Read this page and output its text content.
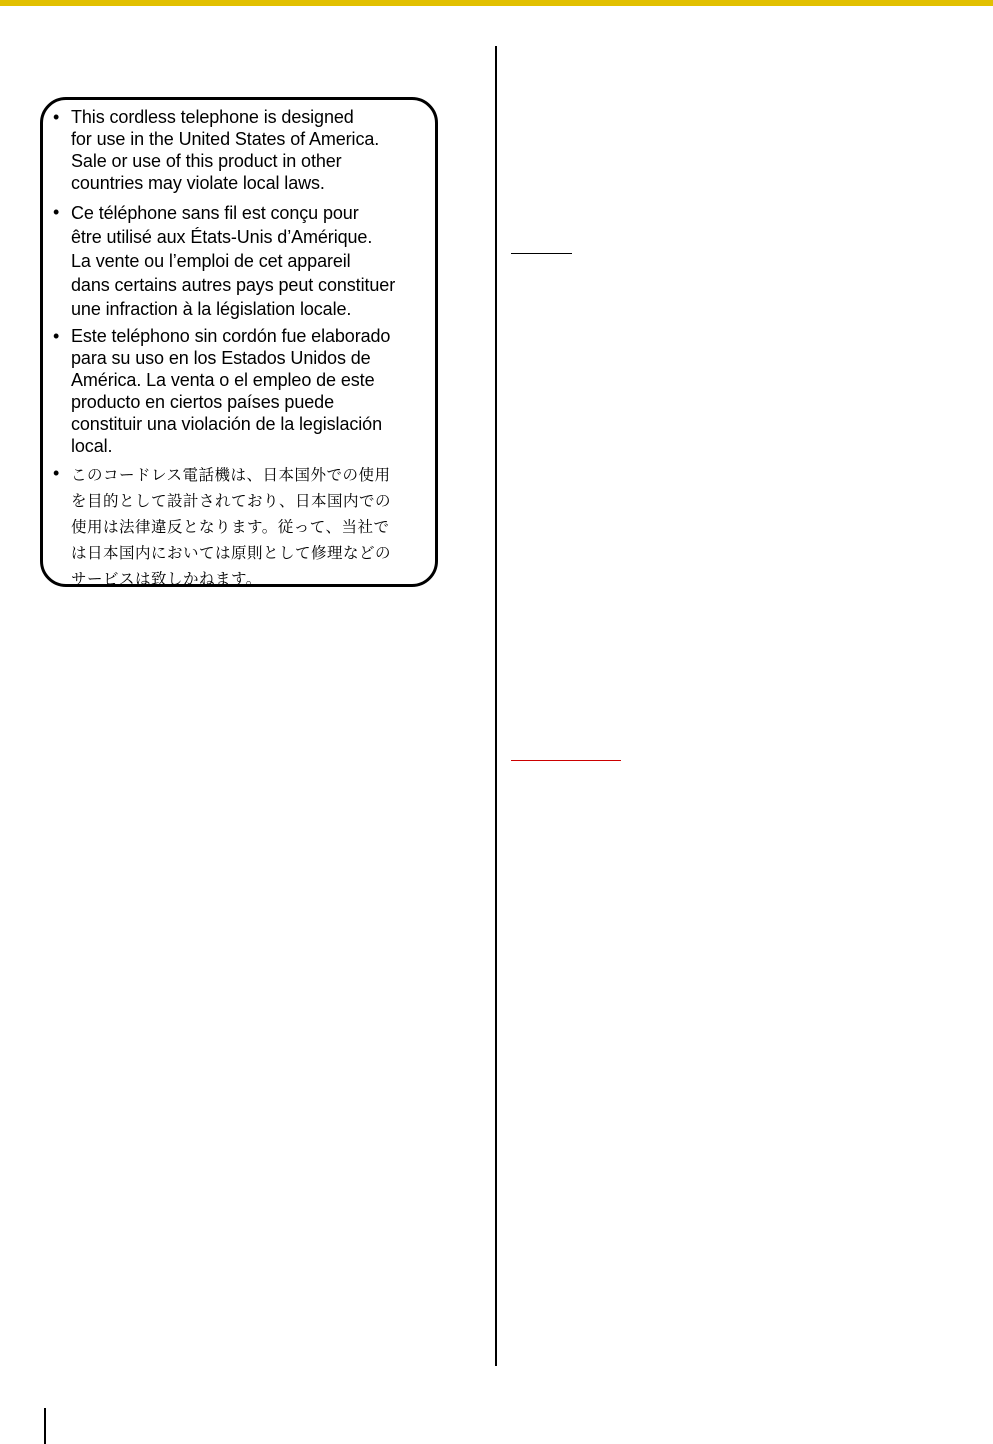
• This cordless telephone is designed
for use in the United States of America.
Sale or use of this product in other
countries may violate local laws.
• Ce téléphone sans fil est conçu pour
être utilisé aux États-Unis d’Amérique.
La vente ou l’emploi de cet appareil
dans certains autres pays peut constituer
une infraction à la législation locale.
• Este teléphono sin cordón fue elaborado
para su uso en los Estados Unidos de
América. La venta o el empleo de este
producto en ciertos países puede
constituir una violación de la legislación
local.
• このコードレス電話機は、日本国外での使用
を目的として設計されており、日本国内での
使用は法律違反となります。従って、当社で
は日本国内においては原則として修理などの
サービスは致しかねます。
